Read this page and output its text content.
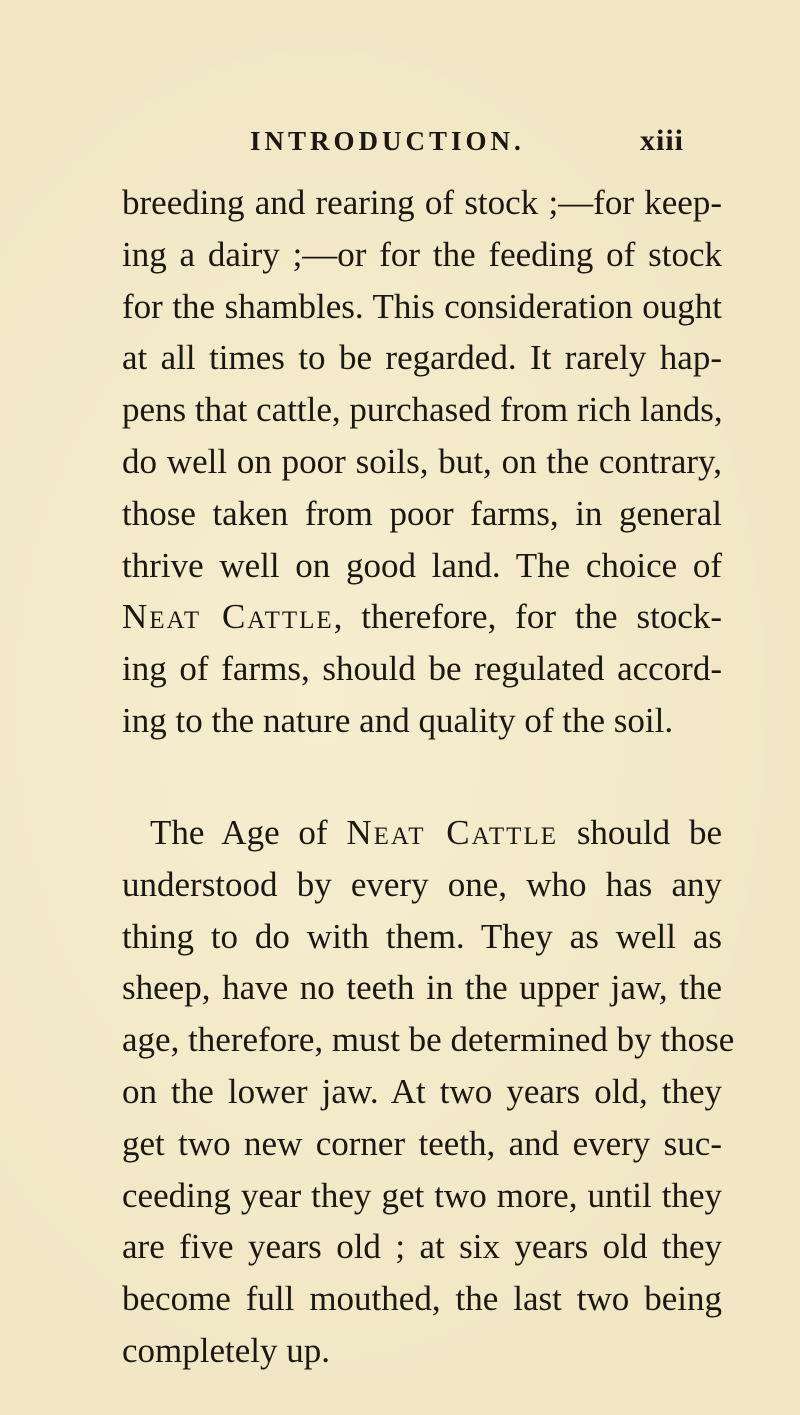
INTRODUCTION.	xiii
breeding and rearing of stock ;—for keep-
ing a dairy ;—or for the feeding of stock
for the shambles. This consideration ought
at all times to be regarded. It rarely hap-
pens that cattle, purchased from rich lands,
do well on poor soils, but, on the contrary,
those taken from poor farms, in general
thrive well on good land. The choice of
Neat Cattle, therefore, for the stock-
ing of farms, should be regulated accord-
ing to the nature and quality of the soil.
The Age of Neat Cattle should be
understood by every one, who has any
thing to do with them. They as well as
sheep, have no teeth in the upper jaw, the
age, therefore, must be determined by those
on the lower jaw. At two years old, they
get two new corner teeth, and every suc-
ceeding year they get two more, until they
are five years old ; at six years old they
become full mouthed, the last two being
completely up.
